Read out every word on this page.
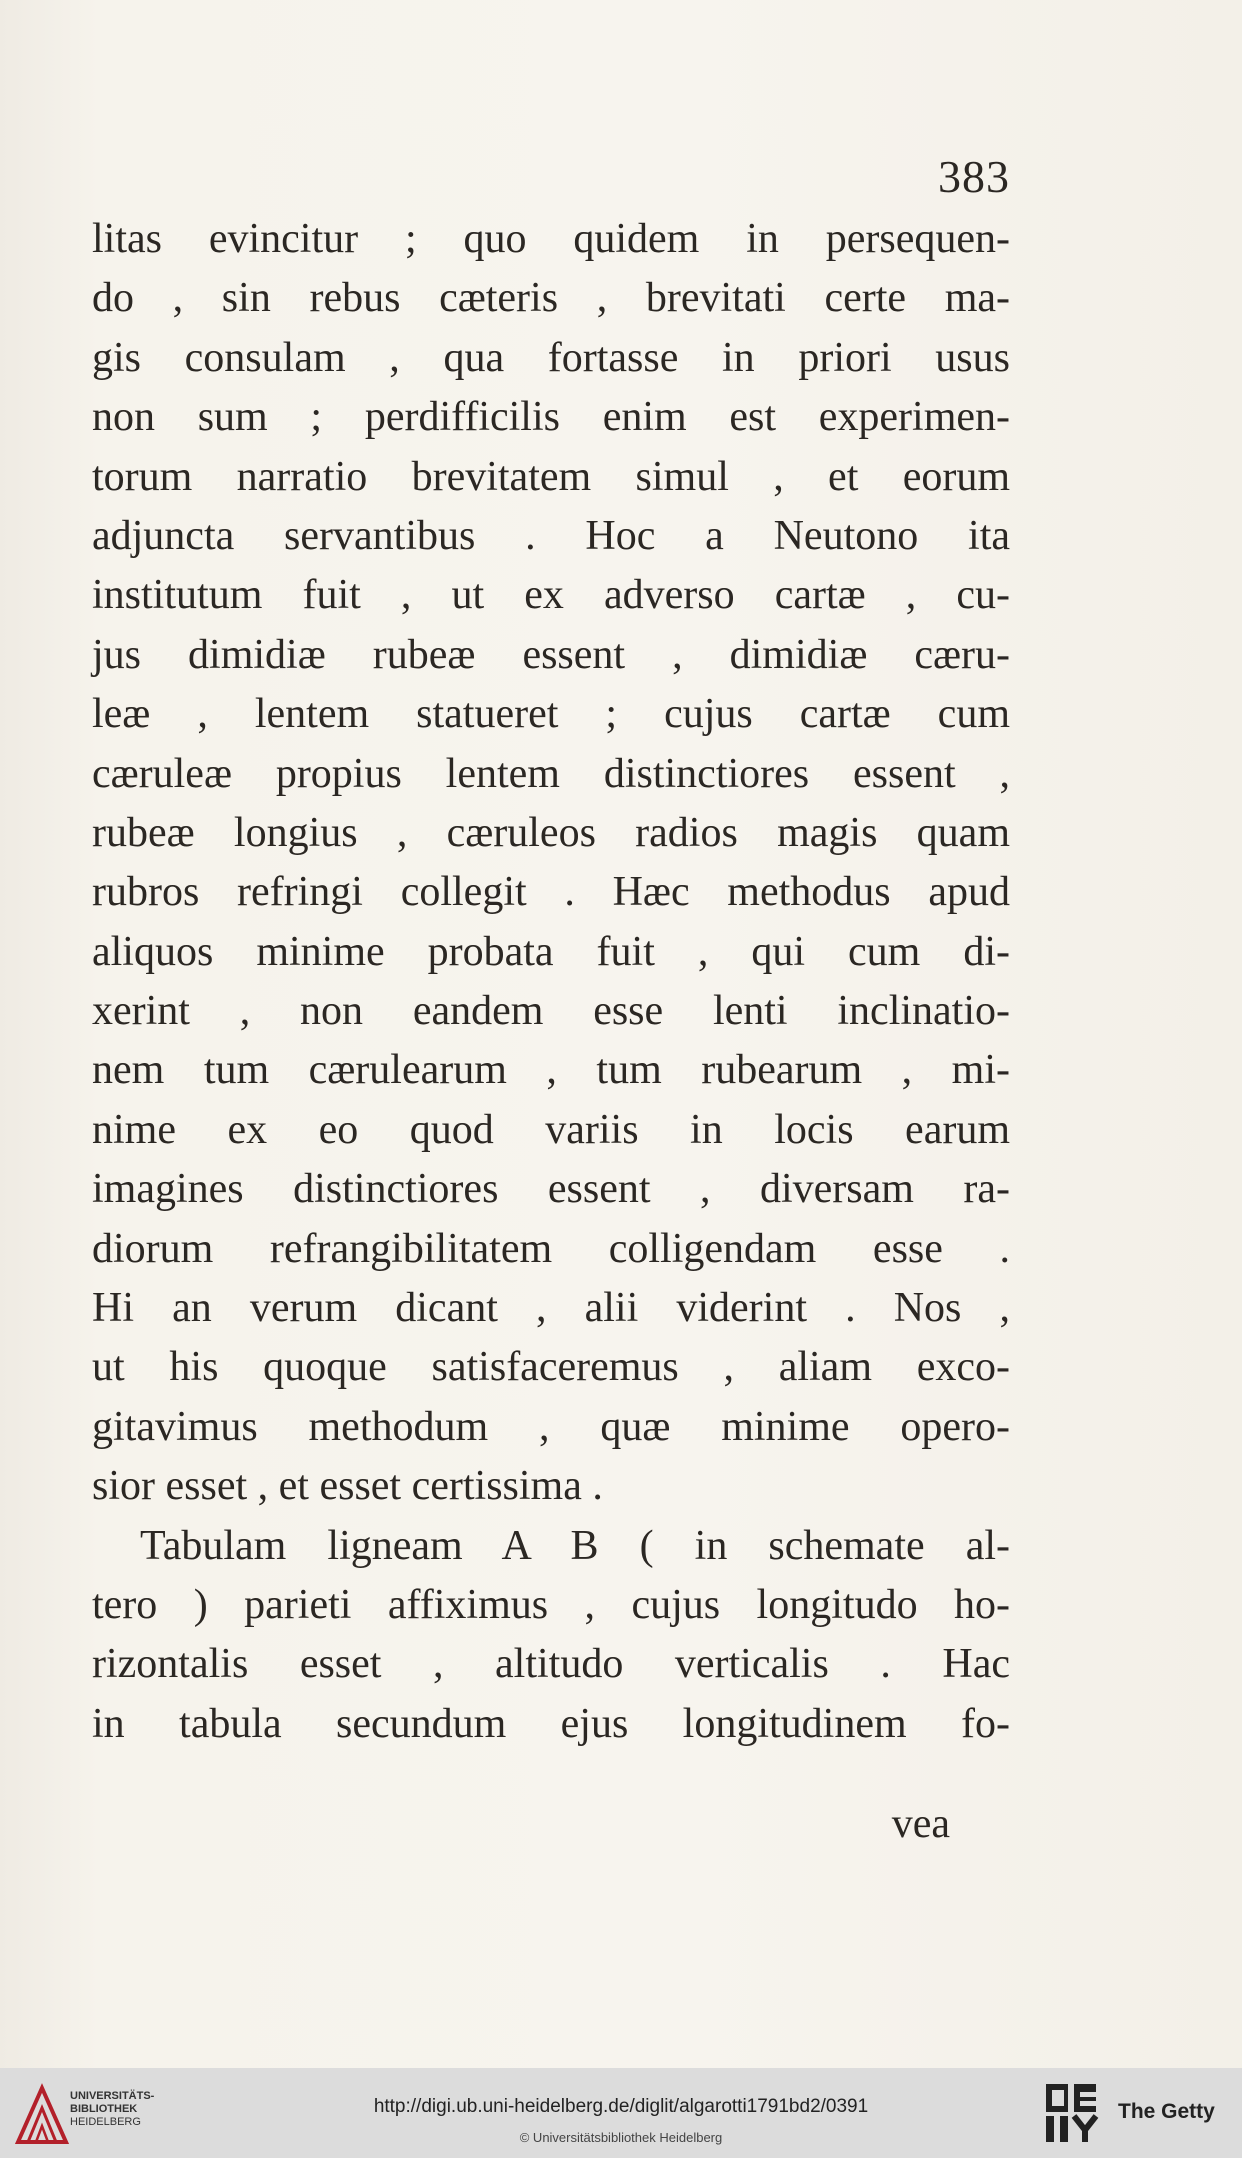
383
litas evincitur ; quo quidem in persequen-
do , sin rebus cæteris , brevitati certe ma-
gis consulam , qua fortasse in priori usus
non sum ; perdifficilis enim est experimen-
torum narratio brevitatem simul , et eorum
adjuncta servantibus . Hoc a Neutono ita
institutum fuit , ut ex adverso cartæ , cu-
jus dimidiæ rubeæ essent , dimidiæ cæru-
leæ , lentem statueret ; cujus cartæ cum
cæruleæ propius lentem distinctiores essent ,
rubeæ longius , cæruleos radios magis quam
rubros refringi collegit . Hæc methodus apud
aliquos minime probata fuit , qui cum di-
xerint , non eandem esse lenti inclinatio-
nem tum cærulearum , tum rubearum , mi-
nime ex eo quod variis in locis earum
imagines distinctiores essent , diversam ra-
diorum refrangibilitatem colligendam esse .
Hi an verum dicant , alii viderint . Nos ,
ut his quoque satisfaceremus , aliam exco-
gitavimus methodum , quæ minime opero-
sior esset , et esset certissima .
Tabulam ligneam A B ( in schemate al-
tero ) parieti affiximus , cujus longitudo ho-
rizontalis esset , altitudo verticalis . Hac
in tabula secundum ejus longitudinem fo-
vea
UNIVERSITÄTS-
BIBLIOTHEK
HEIDELBERG
http://digi.ub.uni-heidelberg.de/diglit/algarotti1791bd2/0391
© Universitätsbibliothek Heidelberg
The Getty
